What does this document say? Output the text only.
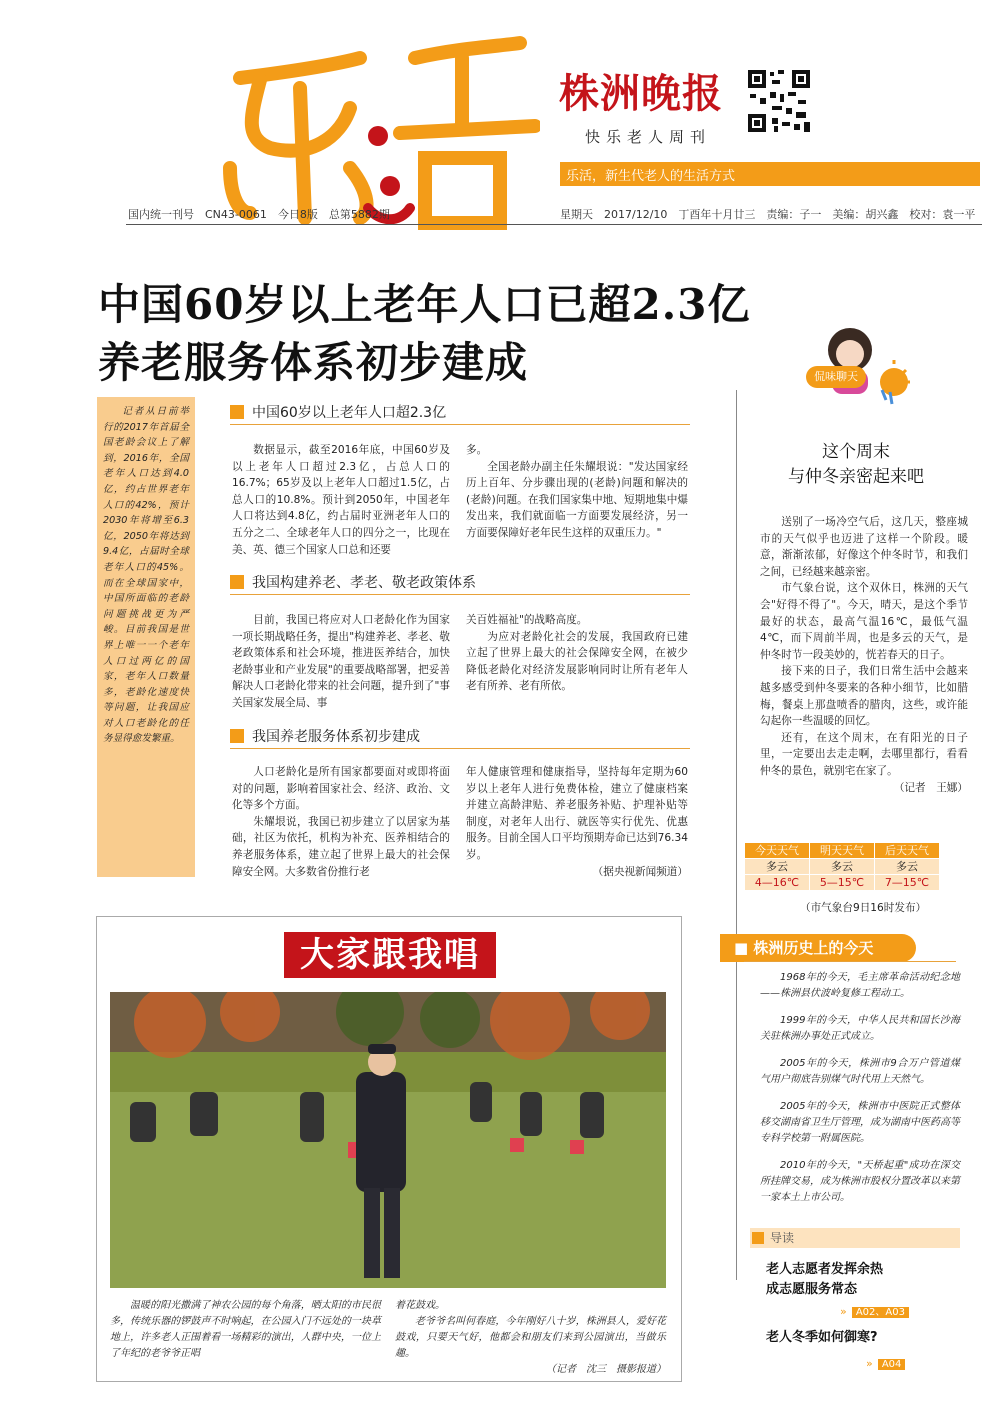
株洲晚报
快乐老人周刊
乐活，新生代老人的生活方式
国内统一刊号　CN43-0061　今日8版　总第5882期	星期天　2017/12/10　丁酉年十月廿三　责编：子一　美编：胡兴鑫　校对：袁一平
中国60岁以上老年人口已超2.3亿
养老服务体系初步建成
记者从日前举行的2017年首届全国老龄会议上了解到，2016年，全国老年人口达到4.0亿，约占世界老年人口的42%，预计2030年将增至6.3亿，2050年将达到9.4亿，占届时全球老年人口的45%。而在全球国家中，中国所面临的老龄问题挑战更为严峻。目前我国是世界上唯一一个老年人口过两亿的国家，老年人口数量多，老龄化速度快等问题，让我国应对人口老龄化的任务显得愈发繁重。
中国60岁以上老年人口超2.3亿
数据显示，截至2016年底，中国60岁及以上老年人口超过2.3亿，占总人口的16.7%；65岁及以上老年人口超过1.5亿，占总人口的10.8%。预计到2050年，中国老年人口将达到4.8亿，约占届时亚洲老年人口的五分之二、全球老年人口的四分之一，比现在美、英、德三个国家人口总和还要

多。

全国老龄办副主任朱耀垠说："发达国家经历上百年、分步骤出现的(老龄)问题和解决的(老龄)问题。在我们国家集中地、短期地集中爆发出来，我们就面临一方面要发展经济，另一方面要保障好老年民生这样的双重压力。"

我国构建养老、孝老、敬老政策体系
目前，我国已将应对人口老龄化作为国家一项长期战略任务，提出"构建养老、孝老、敬老政策体系和社会环境，推进医养结合，加快老龄事业和产业发展"的重要战略部署，把妥善解决人口老龄化带来的社会问题，提升到了"事关国家发展全局、事

关百姓福祉"的战略高度。

为应对老龄化社会的发展，我国政府已建立起了世界上最大的社会保障安全网，在被少降低老龄化对经济发展影响同时让所有老年人老有所养、老有所依。

我国养老服务体系初步建成

人口老龄化是所有国家都要面对或即将面对的问题，影响着国家社会、经济、政治、文化等多个方面。

朱耀垠说，我国已初步建立了以居家为基础，社区为依托，机构为补充、医养相结合的养老服务体系，建立起了世界上最大的社会保障安全网。大多数省份推行老

年人健康管理和健康指导，坚持每年定期为60岁以上老年人进行免费体检，建立了健康档案并建立高龄津贴、养老服务补贴、护理补贴等制度，对老年人出行、就医等实行优先、优惠服务。目前全国人口平均预期寿命已达到76.34岁。

（据央视新闻频道）

侃味聊天
这个周末
与仲冬亲密起来吧

送别了一场冷空气后，这几天，整座城市的天气似乎也迈进了这样一个阶段。暖意，渐渐浓郁，好像这个仲冬时节，和我们之间，已经越来越亲密。

市气象台说，这个双休日，株洲的天气会"好得不得了"。今天，晴天，是这个季节最好的状态，最高气温16℃，最低气温4℃，而下周前半周，也是多云的天气，是仲冬时节一段美妙的，恍若春天的日子。

接下来的日子，我们日常生活中会越来越多感受到仲冬要来的各种小细节，比如腊梅，餐桌上那盘喷香的腊肉，这些，或许能勾起你一些温暖的回忆。

还有，在这个周末，在有阳光的日子里，一定要出去走走啊，去哪里都行，看看仲冬的景色，就别宅在家了。

（记者　王娜）

今天天气	明天天气	后天天气
多云	多云	多云
4—16℃	5—15℃	7—15℃
（市气象台9日16时发布）
■ 株洲历史上的今天

1968年的今天，毛主席革命活动纪念地——株洲县伏波岭复修工程动工。

1999年的今天，中华人民共和国长沙海关驻株洲办事处正式成立。

2005年的今天，株洲市9合万户管道煤气用户彻底告别煤气时代用上天然气。

2005年的今天，株洲市中医院正式整体移交湖南省卫生厅管理，成为湖南中医药高等专科学校第一附属医院。

2010年的今天，"天桥起重"成功在深交所挂牌交易，成为株洲市股权分置改革以来第一家本土上市公司。

导读
老人志愿者发挥余热
成志愿服务常态
» A02、A03
老人冬季如何御寒?
» A04
大家跟我唱
温暖的阳光撒满了神农公园的每个角落，晒太阳的市民很多，传统乐器的锣鼓声不时响起，在公园入门不远处的一块草地上，许多老人正围着看一场精彩的演出，人群中央，一位上了年纪的老爷爷正唱
着花鼓戏。
老爷爷名叫何春庭，今年刚好八十岁，株洲县人，爱好花鼓戏，只要天气好，他都会和朋友们来到公园演出，当做乐趣。
（记者　沈三　摄影报道）
